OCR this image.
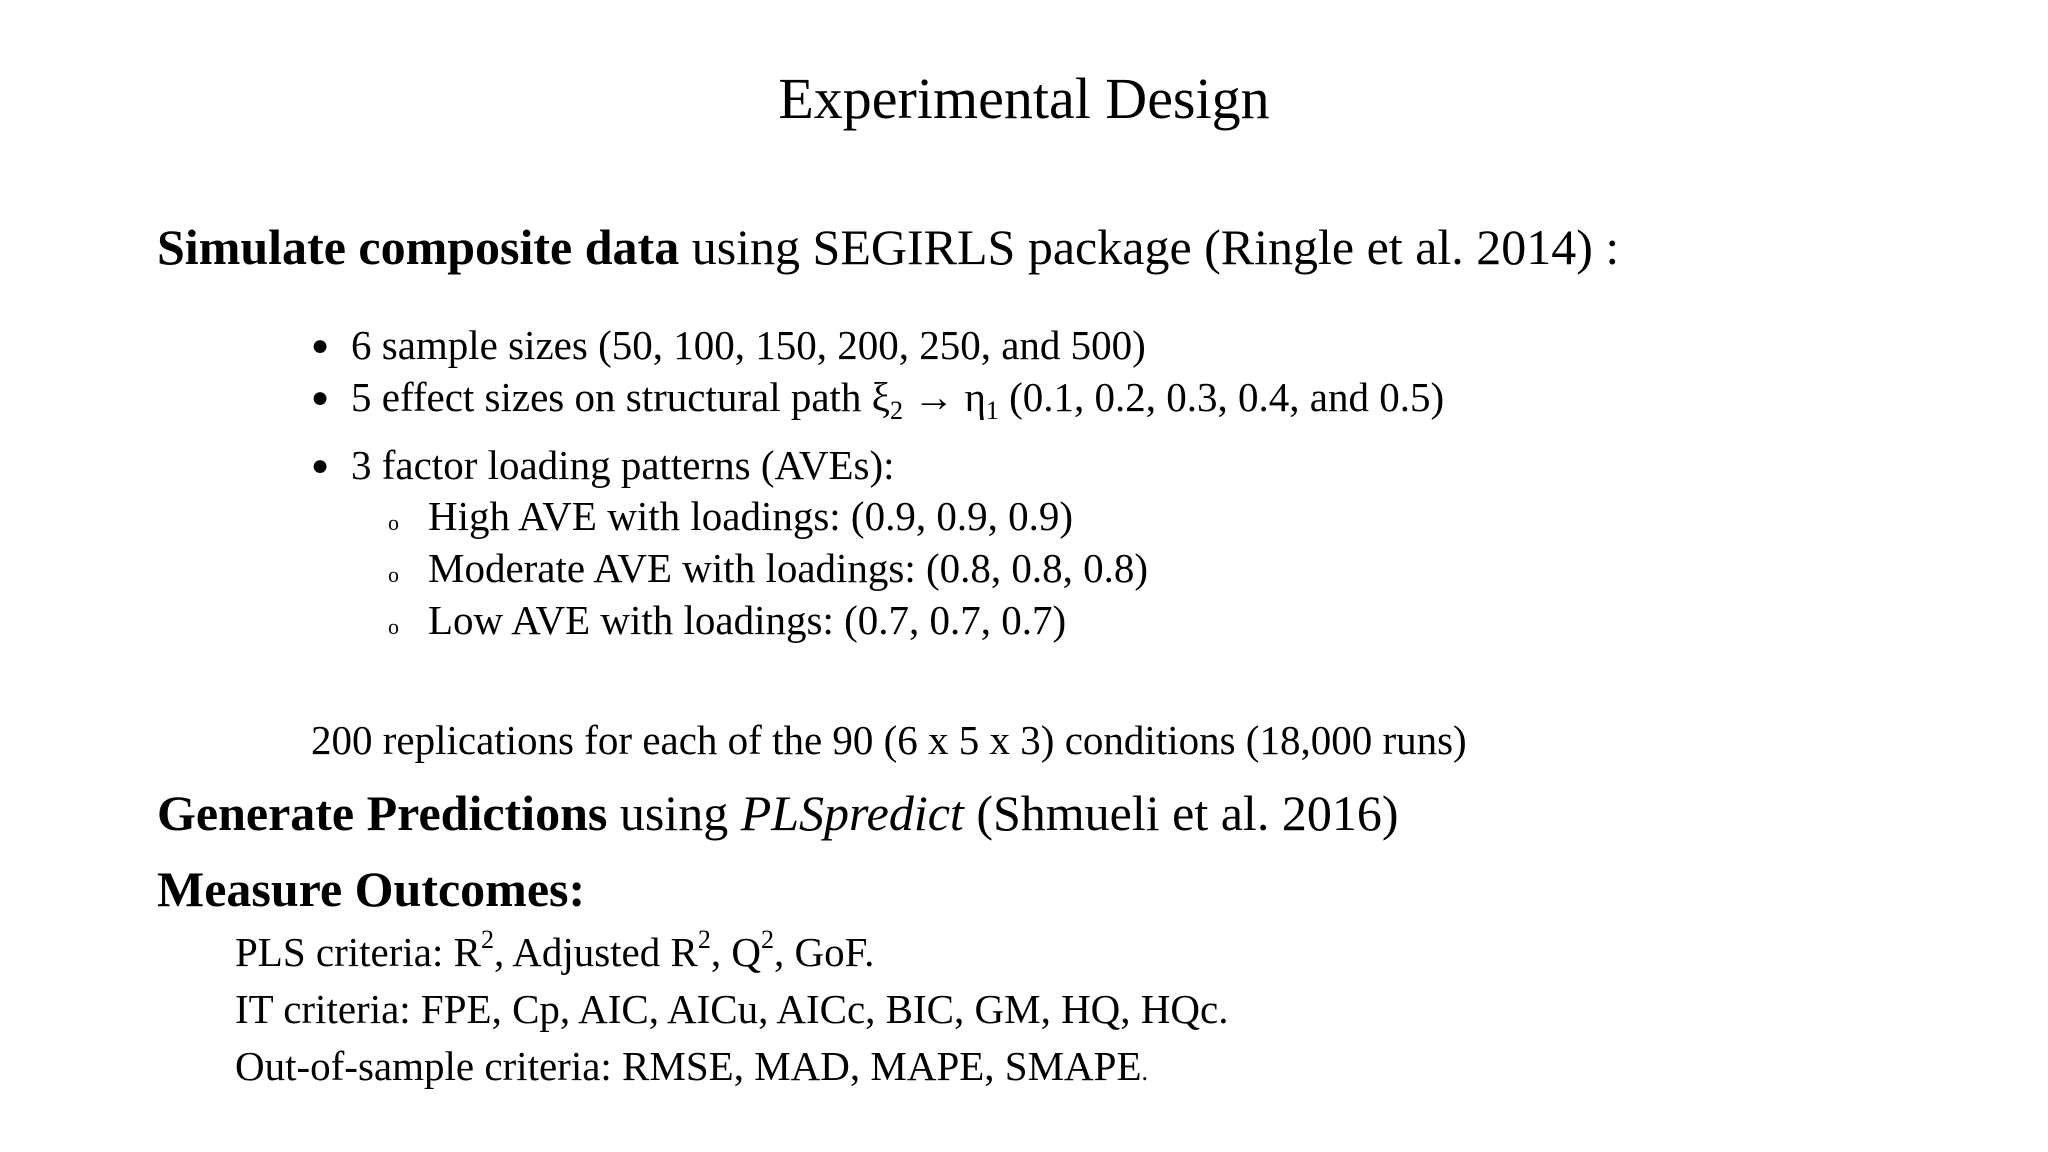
Experimental Design
Simulate composite data using SEGIRLS package (Ringle et al. 2014) :
● 6 sample sizes (50, 100, 150, 200, 250, and 500)
● 5 effect sizes on structural path $\xi_2 \to \eta_1$ (0.1, 0.2, 0.3, 0.4, and 0.5)
● 3 factor loading patterns (AVEs):
o High AVE with loadings: (0.9, 0.9, 0.9)
o Moderate AVE with loadings: (0.8, 0.8, 0.8)
o Low AVE with loadings: (0.7, 0.7, 0.7)
200 replications for each of the 90 (6 x 5 x 3) conditions (18,000 runs)
Generate Predictions using PLSpredict (Shmueli et al. 2016)
Measure Outcomes:
PLS criteria: $R^2$, Adjusted $R^2$, $Q^2$, GoF.
IT criteria: FPE, Cp, AIC, AICu, AICc, BIC, GM, HQ, HQc.
Out-of-sample criteria: RMSE, MAD, MAPE, SMAPE.
